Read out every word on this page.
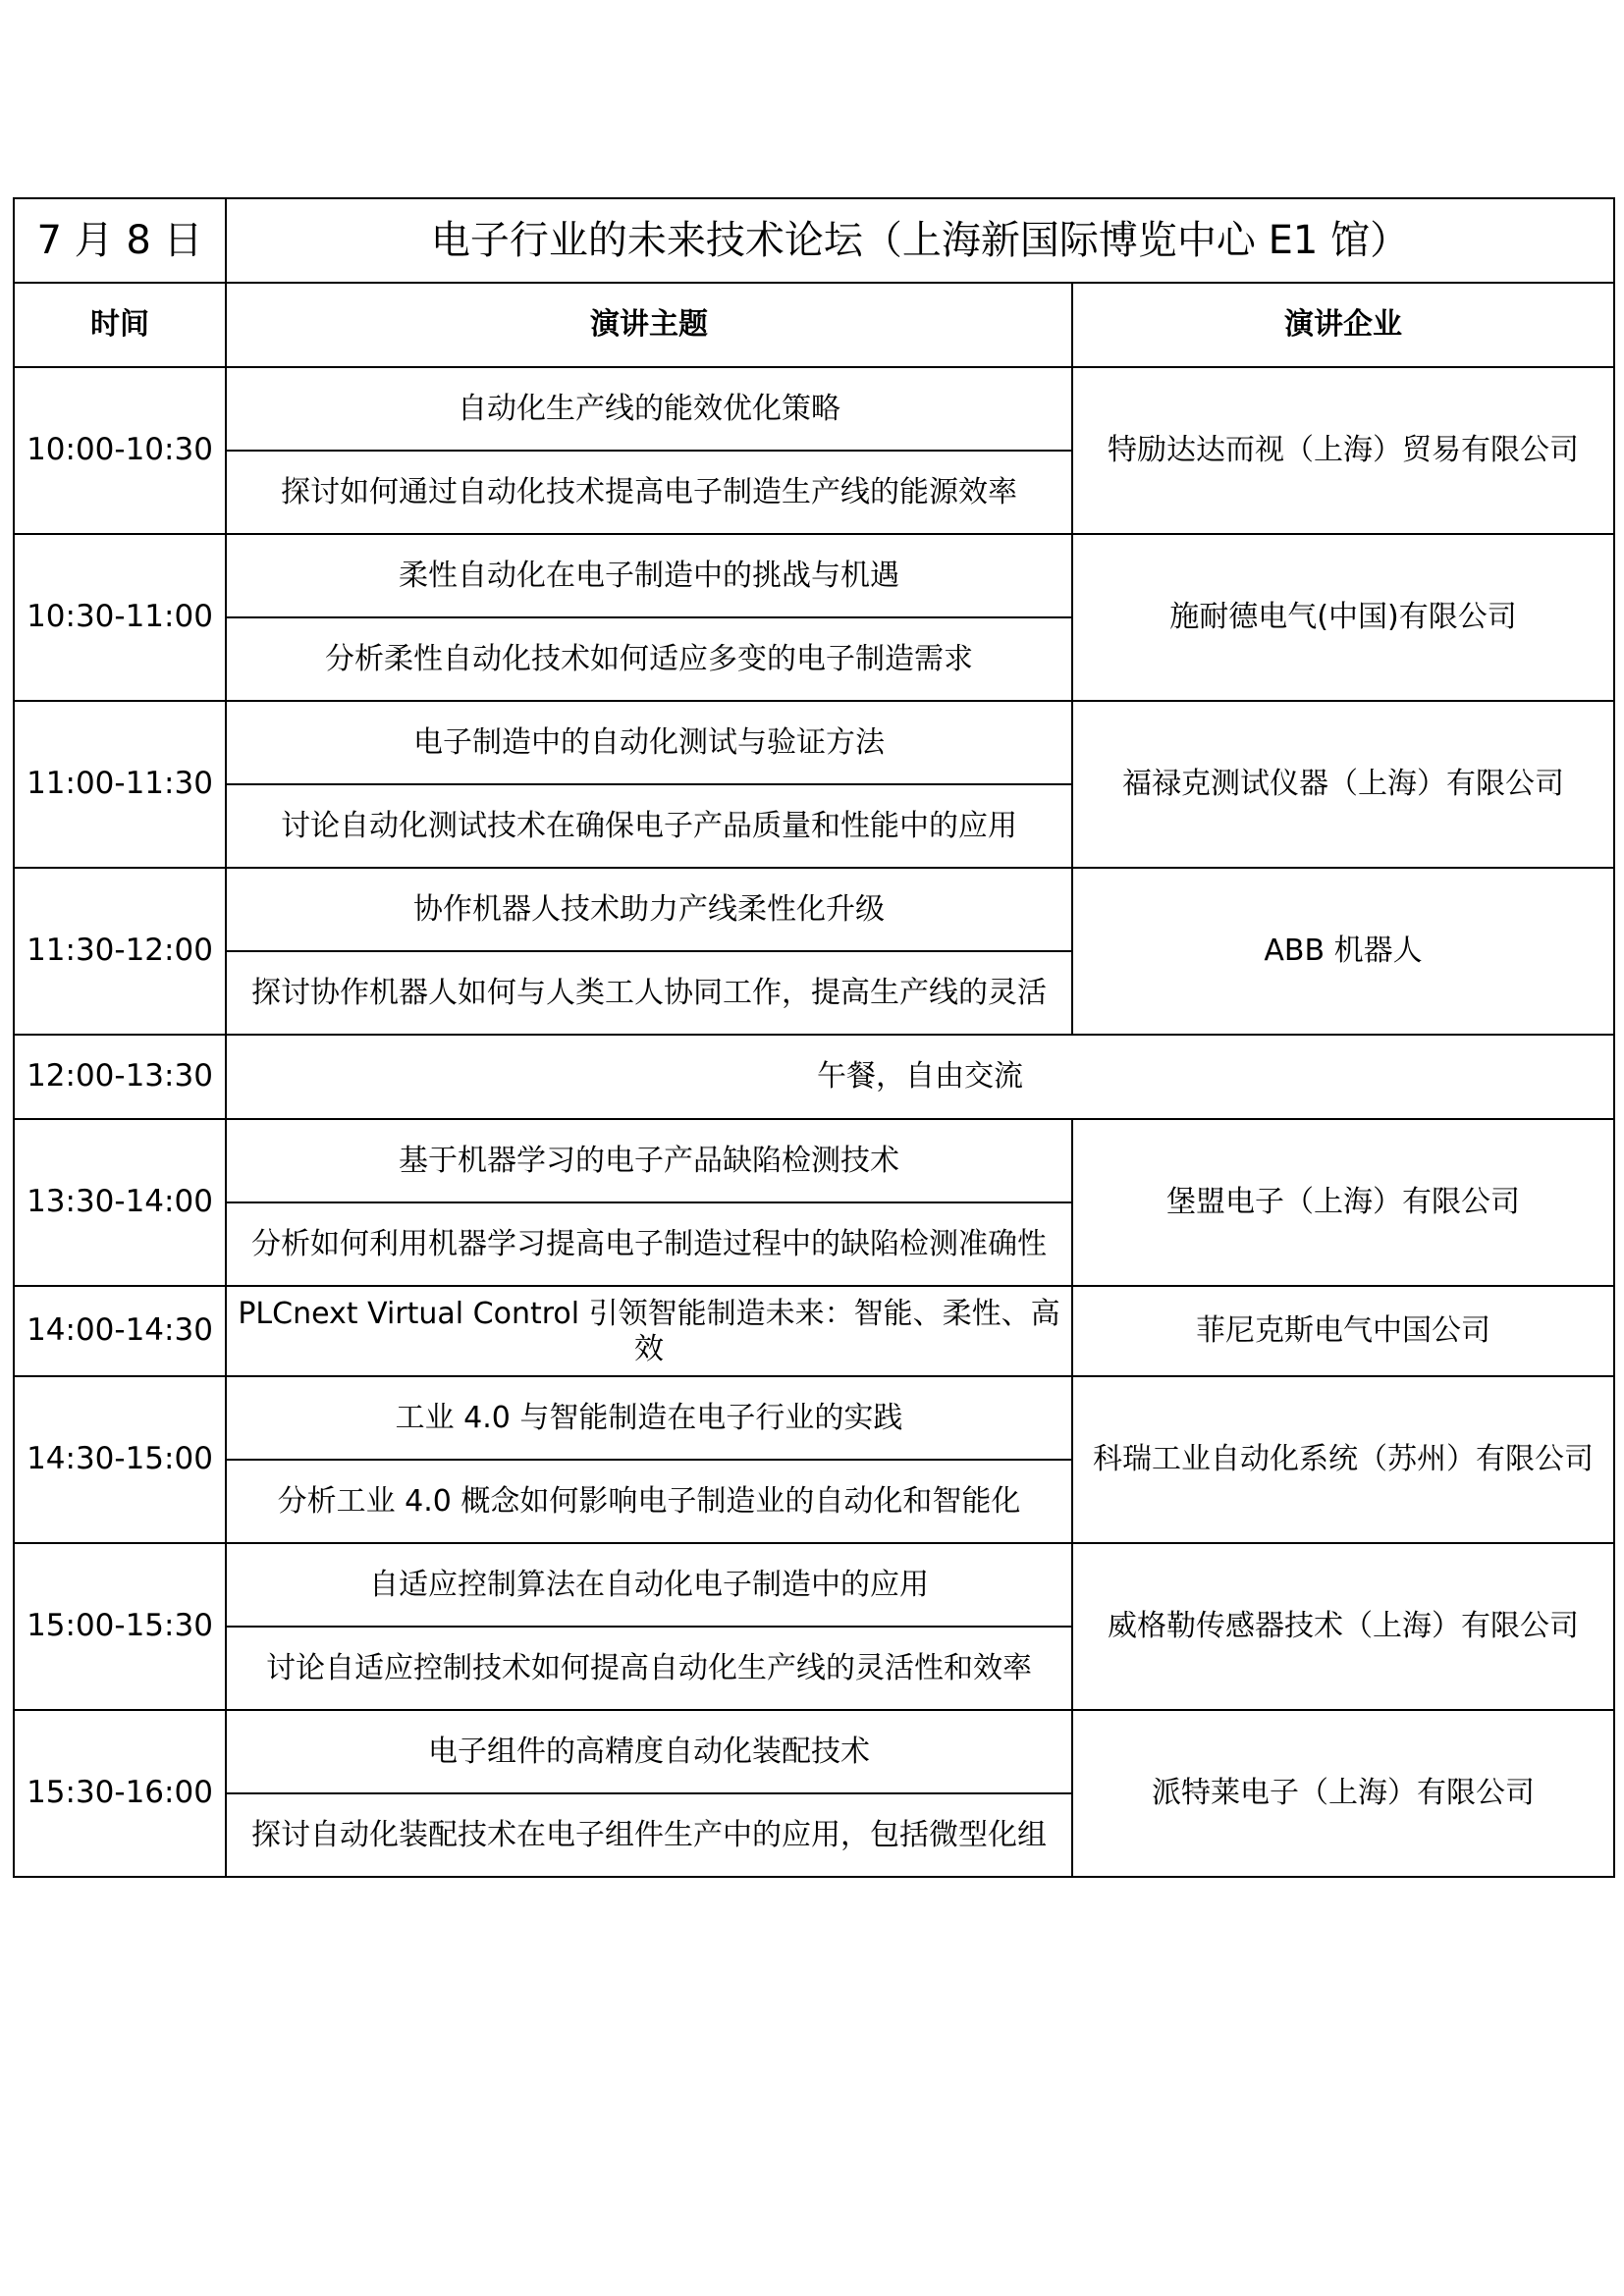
7 月 8 日	电子行业的未来技术论坛（上海新国际博览中心 E1 馆）	
时间	演讲主题	演讲企业
10:00-10:30	自动化生产线的能效优化策略	特励达达而视（上海）贸易有限公司
	探讨如何通过自动化技术提高电子制造生产线的能源效率	
10:30-11:00	柔性自动化在电子制造中的挑战与机遇	施耐德电气(中国)有限公司
	分析柔性自动化技术如何适应多变的电子制造需求	
11:00-11:30	电子制造中的自动化测试与验证方法	福禄克测试仪器（上海）有限公司
	讨论自动化测试技术在确保电子产品质量和性能中的应用	
11:30-12:00	协作机器人技术助力产线柔性化升级	ABB 机器人
	探讨协作机器人如何与人类工人协同工作，提高生产线的灵活	
12:00-13:30	午餐，自由交流	
13:30-14:00	基于机器学习的电子产品缺陷检测技术	堡盟电子（上海）有限公司
	分析如何利用机器学习提高电子制造过程中的缺陷检测准确性	
14:00-14:30	PLCnext Virtual Control 引领智能制造未来：智能、柔性、高效	菲尼克斯电气中国公司

14:30-15:00	工业 4.0 与智能制造在电子行业的实践	科瑞工业自动化系统（苏州）有限公司
	分析工业 4.0 概念如何影响电子制造业的自动化和智能化	
15:00-15:30	自适应控制算法在自动化电子制造中的应用	威格勒传感器技术（上海）有限公司
	讨论自适应控制技术如何提高自动化生产线的灵活性和效率	
15:30-16:00	电子组件的高精度自动化装配技术	派特莱电子（上海）有限公司
	探讨自动化装配技术在电子组件生产中的应用，包括微型化组	
